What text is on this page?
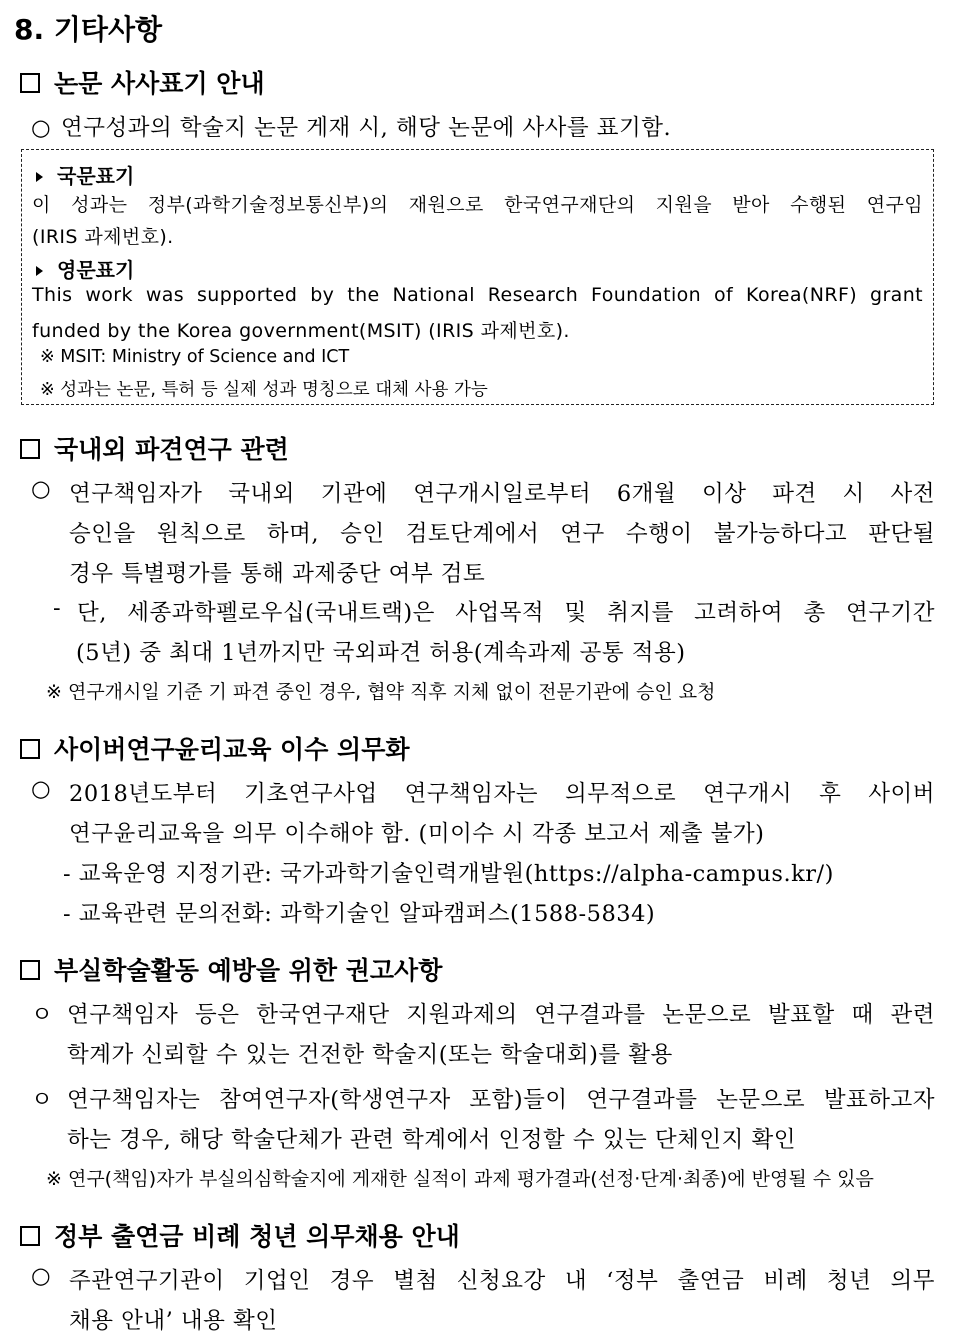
8. 기타사항
논문 사사표기 안내
○ 연구성과의 학술지 논문 게재 시, 해당 논문에 사사를 표기함.
국문표기
이 성과는 정부(과학기술정보통신부)의 재원으로 한국연구재단의 지원을 받아 수행된 연구임
(IRIS 과제번호).
영문표기
This work was supported by the National Research Foundation of Korea(NRF) grant
funded by the Korea government(MSIT) (IRIS 과제번호).
※ MSIT: Ministry of Science and ICT
※ 성과는 논문, 특허 등 실제 성과 명칭으로 대체 사용 가능
국내외 파견연구 관련
○ 연구책임자가 국내외 기관에 연구개시일로부터 6개월 이상 파견 시 사전
승인을 원칙으로 하며, 승인 검토단계에서 연구 수행이 불가능하다고 판단될
경우 특별평가를 통해 과제중단 여부 검토
- 단, 세종과학펠로우십(국내트랙)은 사업목적 및 취지를 고려하여 총 연구기간
(5년) 중 최대 1년까지만 국외파견 허용(계속과제 공통 적용)
※ 연구개시일 기준 기 파견 중인 경우, 협약 직후 지체 없이 전문기관에 승인 요청
사이버연구윤리교육 이수 의무화
○ 2018년도부터 기초연구사업 연구책임자는 의무적으로 연구개시 후 사이버
연구윤리교육을 의무 이수해야 함. (미이수 시 각종 보고서 제출 불가)
- 교육운영 지정기관: 국가과학기술인력개발원(https://alpha-campus.kr/)
- 교육관련 문의전화: 과학기술인 알파캠퍼스(1588-5834)
부실학술활동 예방을 위한 권고사항
ㅇ 연구책임자 등은 한국연구재단 지원과제의 연구결과를 논문으로 발표할 때 관련
학계가 신뢰할 수 있는 건전한 학술지(또는 학술대회)를 활용
ㅇ 연구책임자는 참여연구자(학생연구자 포함)들이 연구결과를 논문으로 발표하고자
하는 경우, 해당 학술단체가 관련 학계에서 인정할 수 있는 단체인지 확인
※ 연구(책임)자가 부실의심학술지에 게재한 실적이 과제 평가결과(선정·단계·최종)에 반영될 수 있음
정부 출연금 비례 청년 의무채용 안내
○ 주관연구기관이 기업인 경우 별첨 신청요강 내 ‘정부 출연금 비례 청년 의무
채용 안내’ 내용 확인
